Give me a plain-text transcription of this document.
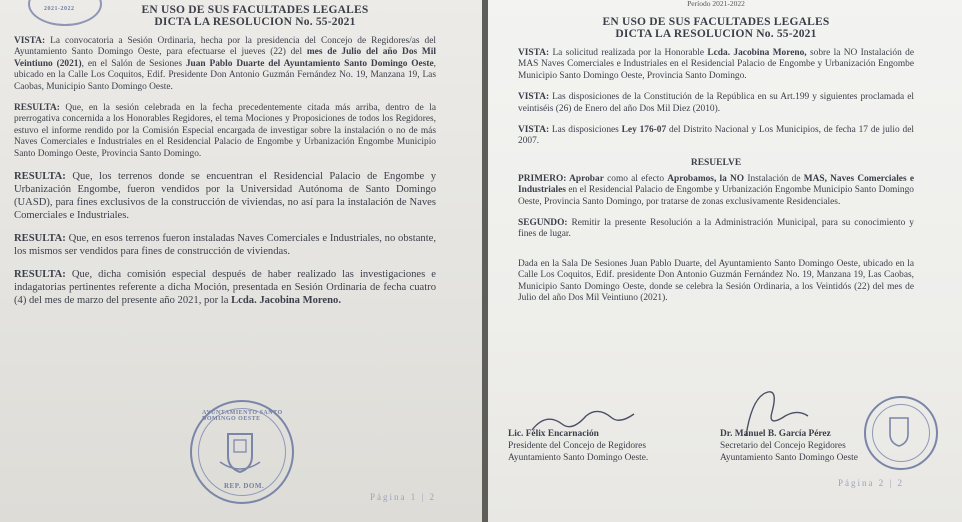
2021-2022	EN USO DE SUS FACULTADES LEGALES
DICTA LA RESOLUCION No. 55-2021

VISTA: La convocatoria a Sesión Ordinaria, hecha por la presidencia del Concejo de Regidores/as del Ayuntamiento Santo Domingo Oeste, para efectuarse el jueves (22) del mes de Julio del año Dos Mil Veintiuno (2021), en el Salón de Sesiones Juan Pablo Duarte del Ayuntamiento Santo Domingo Oeste, ubicado en la Calle Los Coquitos, Edif. Presidente Don Antonio Guzmán Fernández No. 19, Manzana 19, Las Caobas, Municipio Santo Domingo Oeste.

RESULTA: Que, en la sesión celebrada en la fecha precedentemente citada más arriba, dentro de la prerrogativa concernida a los Honorables Regidores, el tema Mociones y Proposiciones de todos los Regidores, estuvo el informe rendido por la Comisión Especial encargada de investigar sobre la instalación o no de más Naves Comerciales e Industriales en el Residencial Palacio de Engombe y Urbanización Engombe Municipio Santo Domingo Oeste, Provincia Santo Domingo.

RESULTA: Que, los terrenos donde se encuentran el Residencial Palacio de Engombe y Urbanización Engombe, fueron vendidos por la Universidad Autónoma de Santo Domingo (UASD), para fines exclusivos de la construcción de viviendas, no así para la instalación de Naves Comerciales e Industriales.

RESULTA: Que, en esos terrenos fueron instaladas Naves Comerciales e Industriales, no obstante, los mismos ser vendidos para fines de construcción de viviendas.

RESULTA: Que, dicha comisión especial después de haber realizado las investigaciones e indagatorias pertinentes referente a dicha Moción, presentada en Sesión Ordinaria de fecha cuatro (4) del mes de marzo del presente año 2021, por la Lcda. Jacobina Moreno.

AYUNTAMIENTO SANTO DOMINGO OESTE
REP. DOM.
Página 1 | 2
Período 2021-2022
EN USO DE SUS FACULTADES LEGALES
DICTA LA RESOLUCION No. 55-2021

VISTA: La solicitud realizada por la Honorable Lcda. Jacobina Moreno, sobre la NO Instalación de MAS Naves Comerciales e Industriales en el Residencial Palacio de Engombe y Urbanización Engombe Municipio Santo Domingo Oeste, Provincia Santo Domingo.

VISTA: Las disposiciones de la Constitución de la República en su Art.199 y siguientes proclamada el veintiséis (26) de Enero del año Dos Mil Diez (2010).

VISTA: Las disposiciones Ley 176-07 del Distrito Nacional y Los Municipios, de fecha 17 de julio del 2007.

RESUELVE

PRIMERO: Aprobar como al efecto Aprobamos, la NO Instalación de MAS, Naves Comerciales e Industriales en el Residencial Palacio de Engombe y Urbanización Engombe Municipio Santo Domingo Oeste, Provincia Santo Domingo, por tratarse de zonas exclusivamente Residenciales.

SEGUNDO: Remitir la presente Resolución a la Administración Municipal, para su conocimiento y fines de lugar.

Dada en la Sala De Sesiones Juan Pablo Duarte, del Ayuntamiento Santo Domingo Oeste, ubicado en la Calle Los Coquitos, Edif. presidente Don Antonio Guzmán Fernández No. 19, Manzana 19, Las Caobas, Municipio Santo Domingo Oeste, donde se celebra la Sesión Ordinaria, a los Veintidós (22) del mes de Julio del año Dos Mil Veintiuno (2021).

Lic. Félix Encarnación
Presidente del Concejo de Regidores
Ayuntamiento Santo Domingo Oeste.
Dr. Manuel B. García Pérez
Secretario del Concejo Regidores
Ayuntamiento Santo Domingo Oeste
Página 2 | 2
